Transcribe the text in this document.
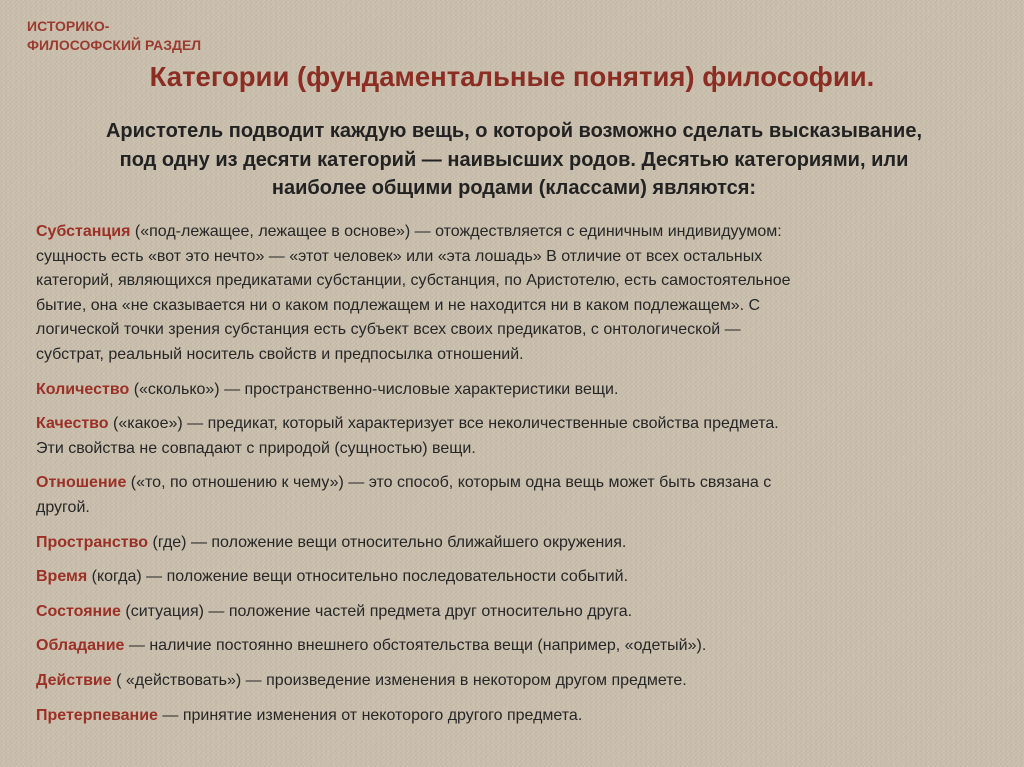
ИСТОРИКО-
ФИЛОСОФСКИЙ РАЗДЕЛ
Категории (фундаментальные понятия) философии.
Аристотель подводит каждую вещь, о которой возможно сделать высказывание,
под одну из десяти категорий — наивысших родов. Десятью категориями, или
наиболее общими родами (классами) являются:

Субстанция («под-лежащее, лежащее в основе») — отождествляется с единичным индивидуумом:
сущность есть «вот это нечто» — «этот человек» или «эта лошадь» В отличие от всех остальных
категорий, являющихся предикатами субстанции, субстанция, по Аристотелю, есть самостоятельное
бытие, она «не сказывается ни о каком подлежащем и не находится ни в каком подлежащем». С
логической точки зрения субстанция есть субъект всех своих предикатов, с онтологической —
субстрат, реальный носитель свойств и предпосылка отношений.

Количество («сколько») — пространственно-числовые характеристики вещи.

Качество («какое») — предикат, который характеризует все неколичественные свойства предмета.
Эти свойства не совпадают с природой (сущностью) вещи.

Отношение («то, по отношению к чему») — это способ, которым одна вещь может быть связана с
другой.

Пространство (где) — положение вещи относительно ближайшего окружения.

Время (когда) — положение вещи относительно последовательности событий.

Состояние (ситуация) — положение частей предмета друг относительно друга.

Обладание — наличие постоянно внешнего обстоятельства вещи (например, «одетый»).

Действие ( «действовать») — произведение изменения в некотором другом предмете.

Претерпевание — принятие изменения от некоторого другого предмета.
